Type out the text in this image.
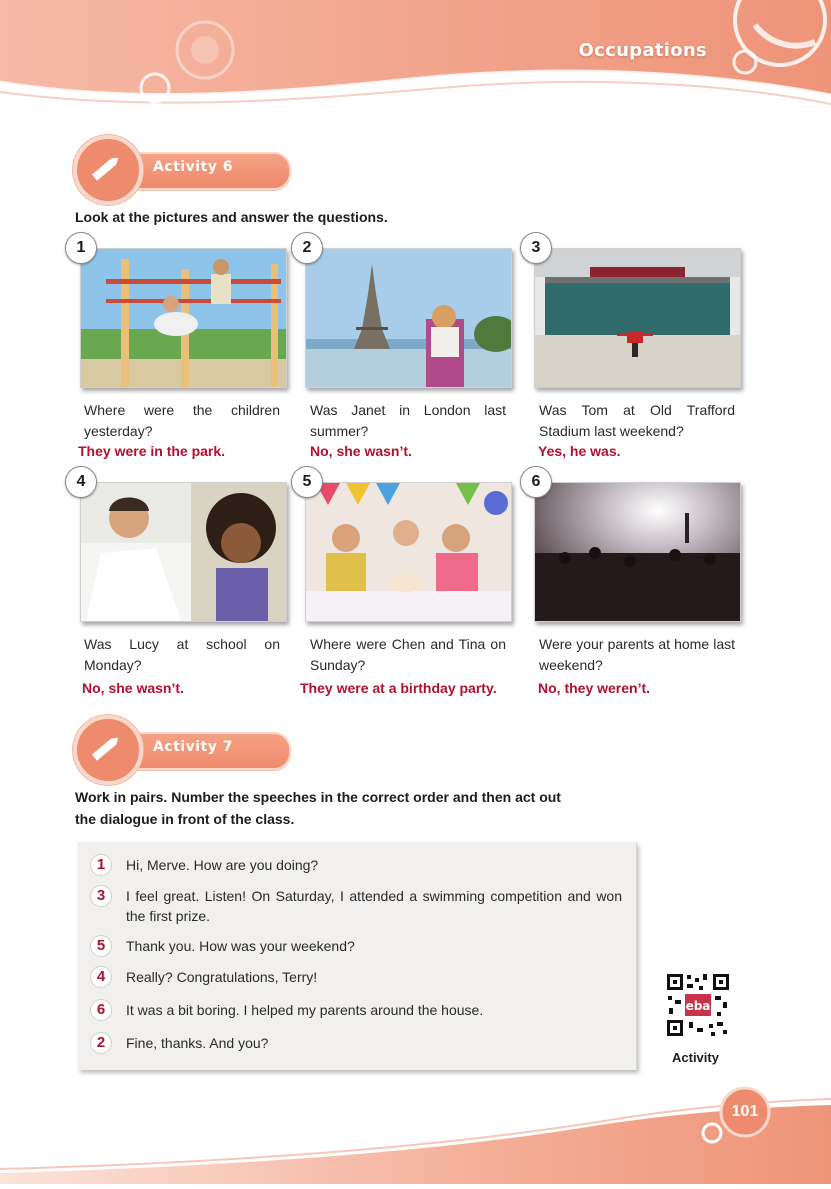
Occupations
Activity 6
Look at the pictures and answer the questions.
1
Where were the children yesterday?
They were in the park.
2
Was Janet in London last summer?
No, she wasn’t.
3
Was Tom at Old Trafford Stadium last weekend?
Yes, he was.
4
Was Lucy at school on Monday?
No, she wasn’t.
5
Where were Chen and Tina on Sunday?
They were at a birthday party.
6
Were your parents at home last weekend?
No, they weren’t.
Activity 7
Work in pairs. Number the speeches in the correct order and then act out
the dialogue in front of the class.
1	Hi, Merve. How are you doing?
3	I feel great. Listen! On Saturday, I attended a swimming competition and won the first prize.
5	Thank you. How was your weekend?
4	Really? Congratulations, Terry!
6	It was a bit boring. I helped my parents around the house.
2	Fine, thanks. And you?
eba
Activity
101
